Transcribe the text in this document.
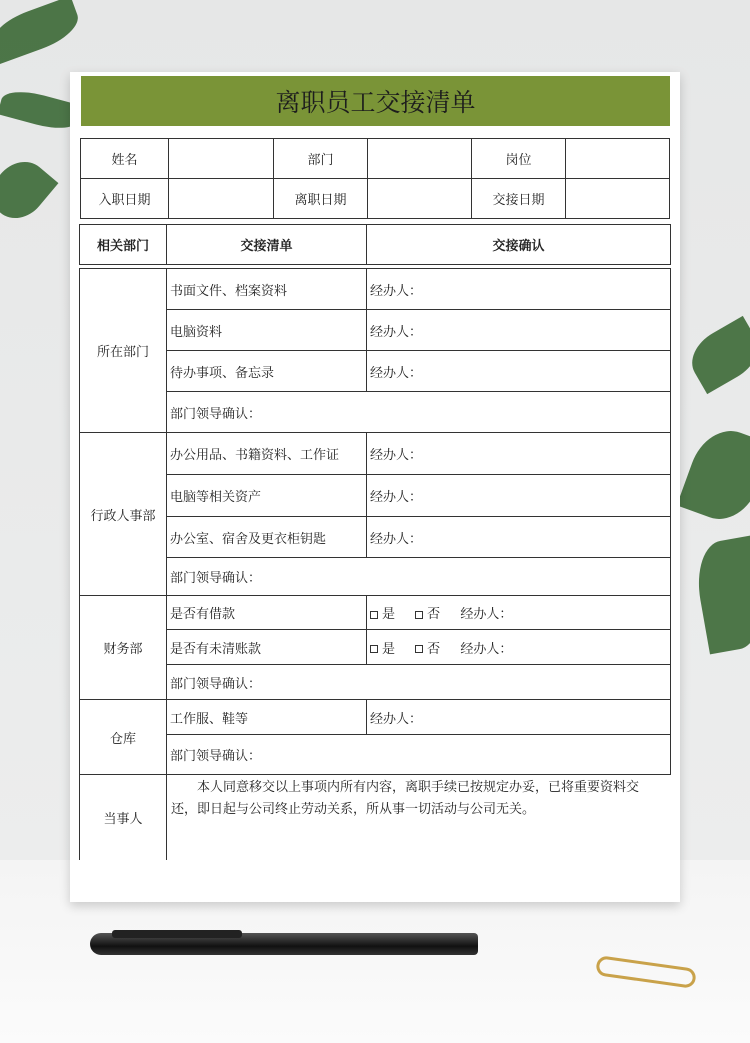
离职员工交接清单
姓名		部门		岗位	
入职日期		离职日期		交接日期	
相关部门	交接清单	交接确认

所在部门	书面文件、档案资料	经办人：
	电脑资料	经办人：
	待办事项、备忘录	经办人：
	部门领导确认：	
行政人事部	办公用品、书籍资料、工作证	经办人：
	电脑等相关资产	经办人：
	办公室、宿舍及更衣柜钥匙	经办人：
	部门领导确认：	
财务部	是否有借款	是 否 经办人：
	是否有未清账款	是 否 经办人：
	部门领导确认：	
仓库	工作服、鞋等	经办人：
	部门领导确认：	
当事人	本人同意移交以上事项内所有内容，离职手续已按规定办妥，已将重要资料交还，即日起与公司终止劳动关系，所从事一切活动与公司无关。	
